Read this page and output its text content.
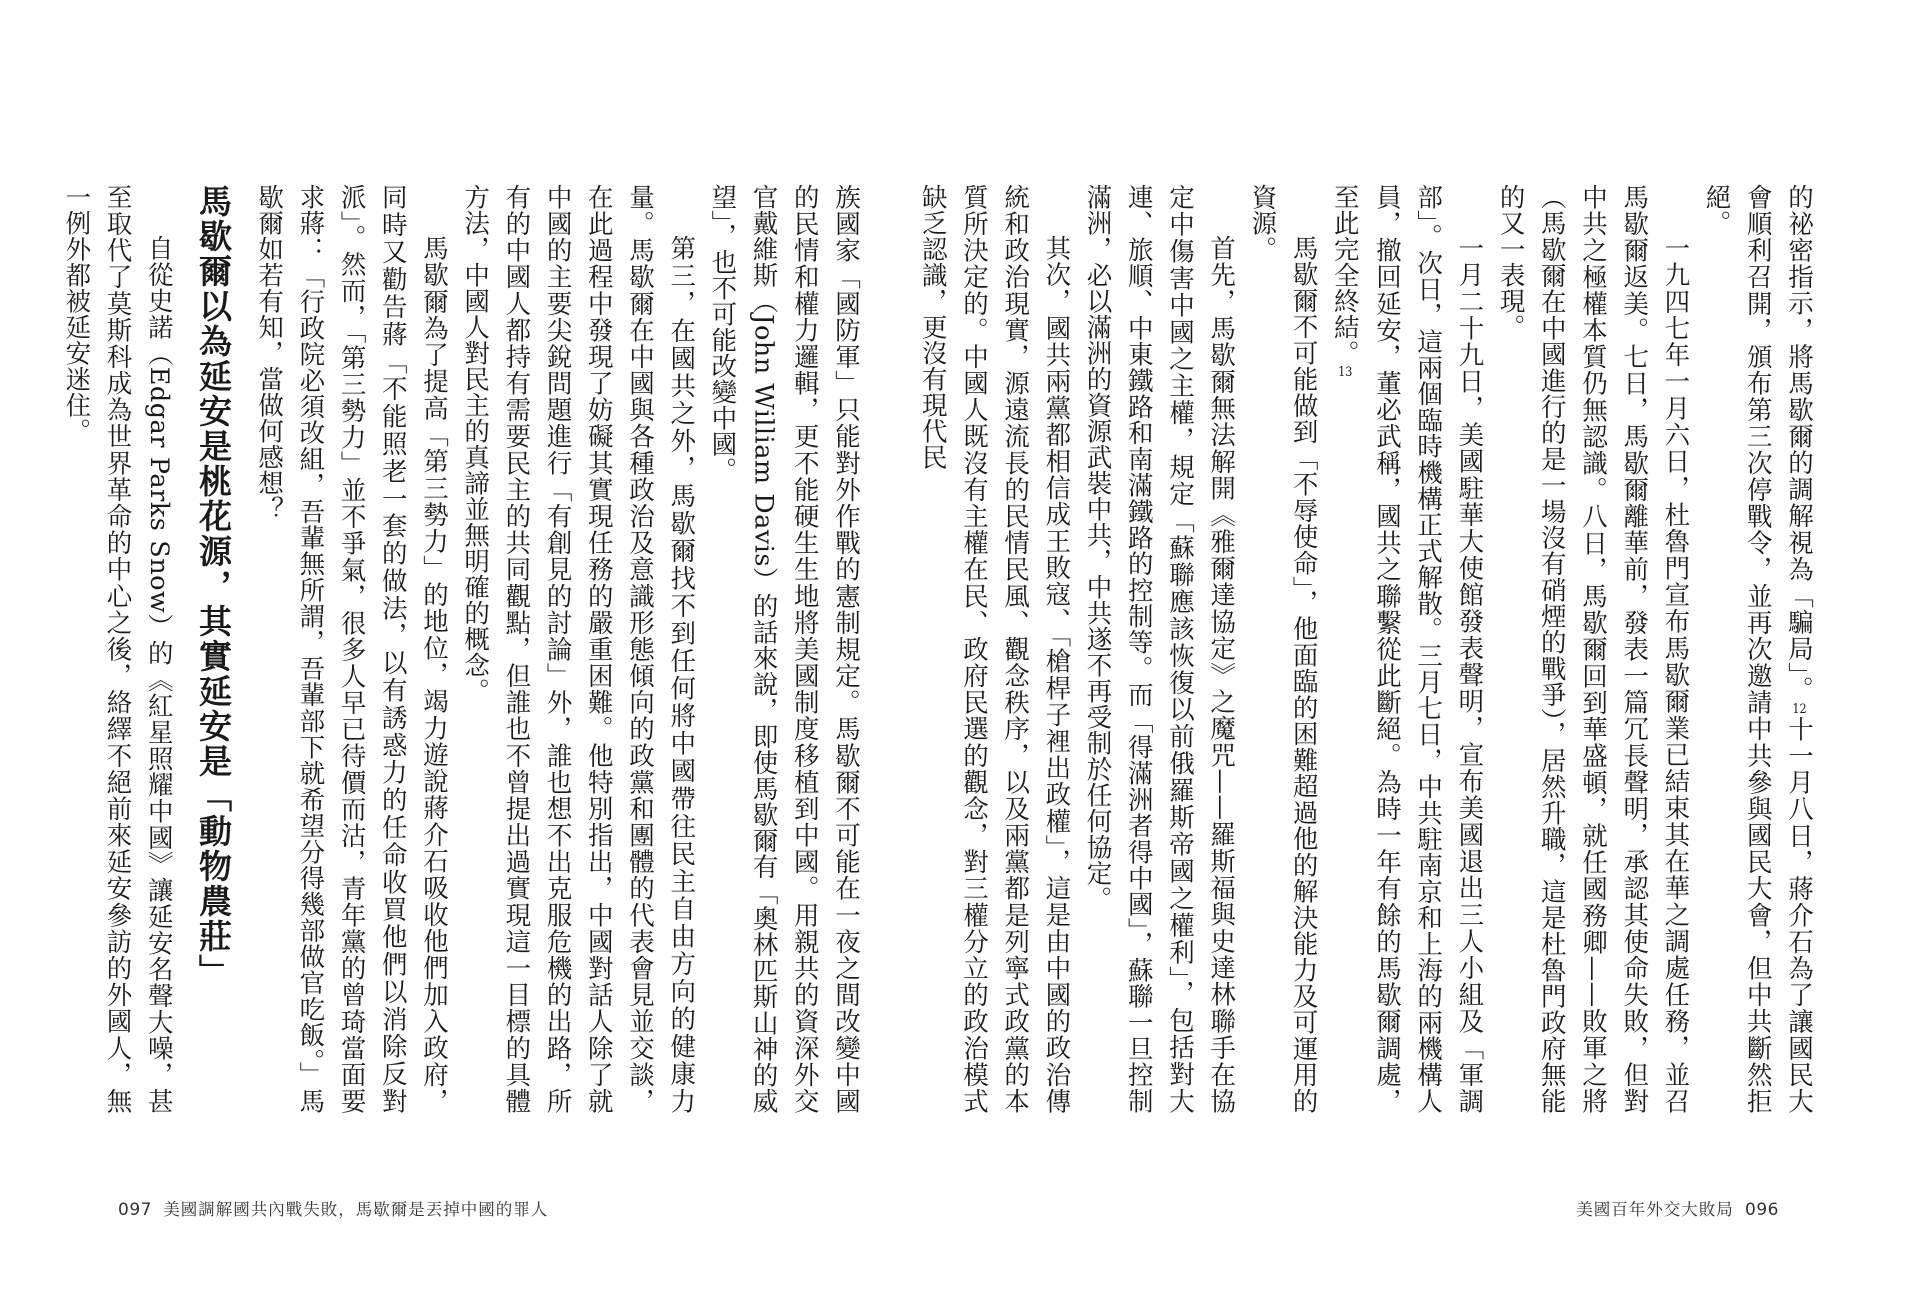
族國家「國防軍」只能對外作戰的憲制規定。馬歇爾不可能在一夜之間改變中國的民情和權力邏輯，更不能硬生生地將美國制度移植到中國。用親共的資深外交官戴維斯（John William Davis）的話來說，即使馬歇爾有「奧林匹斯山神的威望」，也不可能改變中國。

第三，在國共之外，馬歇爾找不到任何將中國帶往民主自由方向的健康力量。馬歇爾在中國與各種政治及意識形態傾向的政黨和團體的代表會見並交談，在此過程中發現了妨礙其實現任務的嚴重困難。他特別指出，中國對話人除了就中國的主要尖銳問題進行「有創見的討論」外，誰也想不出克服危機的出路，所有的中國人都持有需要民主的共同觀點，但誰也不曾提出過實現這一目標的具體方法，中國人對民主的真諦並無明確的概念。

馬歇爾為了提高「第三勢力」的地位，竭力遊說蔣介石吸收他們加入政府，同時又勸告蔣「不能照老一套的做法，以有誘惑力的任命收買他們以消除反對派」。然而，「第三勢力」並不爭氣，很多人早已待價而沽，青年黨的曾琦當面要求蔣：「行政院必須改組，吾輩無所謂，吾輩部下就希望分得幾部做官吃飯。」馬歇爾如若有知，當做何感想？

馬歇爾以為延安是桃花源，其實延安是「動物農莊」

自從史諾（Edgar Parks Snow）的《紅星照耀中國》讓延安名聲大噪，甚至取代了莫斯科成為世界革命的中心之後，絡繹不絕前來延安參訪的外國人，無一例外都被延安迷住。

097 美國調解國共內戰失敗，馬歇爾是丟掉中國的罪人

的祕密指示，將馬歇爾的調解視為「騙局」。12十一月八日，蔣介石為了讓國民大會順利召開，頒布第三次停戰令，並再次邀請中共參與國民大會，但中共斷然拒絕。

一九四七年一月六日，杜魯門宣布馬歇爾業已結束其在華之調處任務，並召馬歇爾返美。七日，馬歇爾離華前，發表一篇冗長聲明，承認其使命失敗，但對中共之極權本質仍無認識。八日，馬歇爾回到華盛頓，就任國務卿——敗軍之將（馬歇爾在中國進行的是一場沒有硝煙的戰爭），居然升職，這是杜魯門政府無能的又一表現。

一月二十九日，美國駐華大使館發表聲明，宣布美國退出三人小組及「軍調部」。次日，這兩個臨時機構正式解散。三月七日，中共駐南京和上海的兩機構人員，撤回延安，董必武稱，國共之聯繫從此斷絕。為時一年有餘的馬歇爾調處，至此完全終結。13

馬歇爾不可能做到「不辱使命」，他面臨的困難超過他的解決能力及可運用的資源。

首先，馬歇爾無法解開《雅爾達協定》之魔咒——羅斯福與史達林聯手在協定中傷害中國之主權，規定「蘇聯應該恢復以前俄羅斯帝國之權利」，包括對大連、旅順、中東鐵路和南滿鐵路的控制等。而「得滿洲者得中國」，蘇聯一旦控制滿洲，必以滿洲的資源武裝中共，中共遂不再受制於任何協定。

其次，國共兩黨都相信成王敗寇、「槍桿子裡出政權」，這是由中國的政治傳統和政治現實，源遠流長的民情民風、觀念秩序，以及兩黨都是列寧式政黨的本質所決定的。中國人既沒有主權在民、政府民選的觀念，對三權分立的政治模式缺乏認識，更沒有現代民

美國百年外交大敗局 096
